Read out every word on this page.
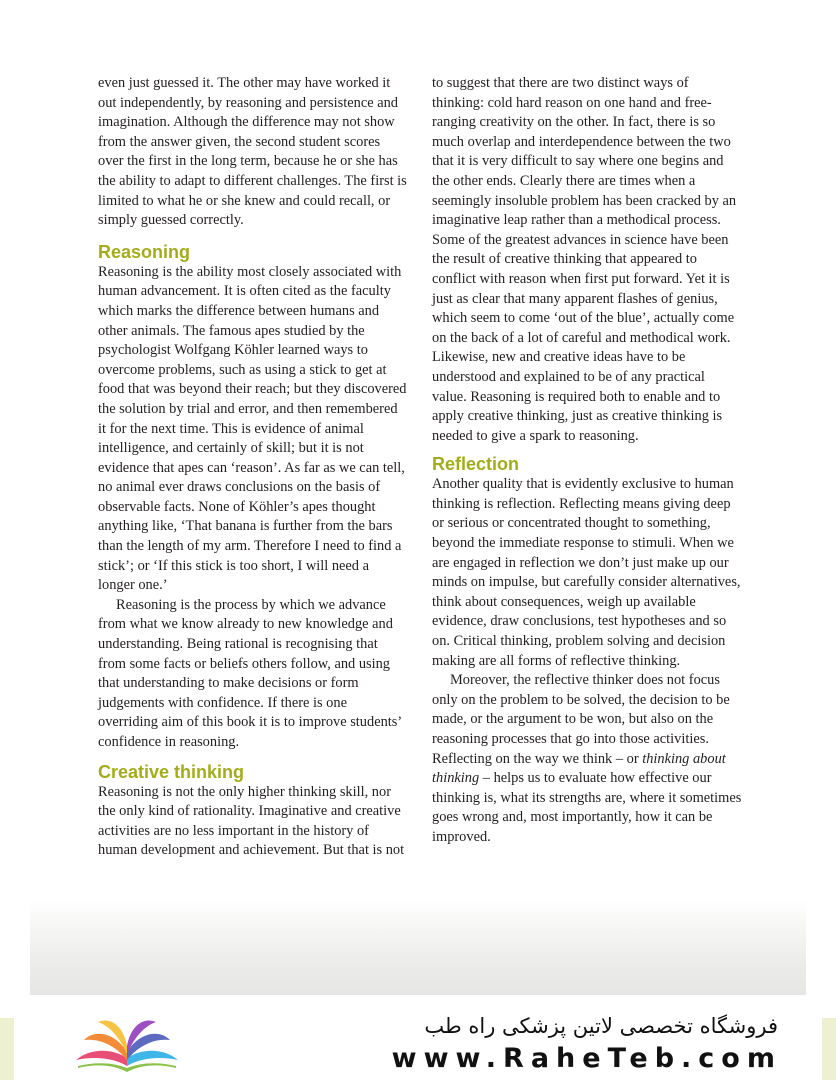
even just guessed it. The other may have worked it out independently, by reasoning and persistence and imagination. Although the difference may not show from the answer given, the second student scores over the first in the long term, because he or she has the ability to adapt to different challenges. The first is limited to what he or she knew and could recall, or simply guessed correctly.

Reasoning

Reasoning is the ability most closely associated with human advancement. It is often cited as the faculty which marks the difference between humans and other animals. The famous apes studied by the psychologist Wolfgang Köhler learned ways to overcome problems, such as using a stick to get at food that was beyond their reach; but they discovered the solution by trial and error, and then remembered it for the next time. This is evidence of animal intelligence, and certainly of skill; but it is not evidence that apes can ‘reason’. As far as we can tell, no animal ever draws conclusions on the basis of observable facts. None of Köhler’s apes thought anything like, ‘That banana is further from the bars than the length of my arm. Therefore I need to find a stick’; or ‘If this stick is too short, I will need a longer one.’

Reasoning is the process by which we advance from what we know already to new knowledge and understanding. Being rational is recognising that from some facts or beliefs others follow, and using that understanding to make decisions or form judgements with confidence. If there is one overriding aim of this book it is to improve students’ confidence in reasoning.

Creative thinking

Reasoning is not the only higher thinking skill, nor the only kind of rationality. Imaginative and creative activities are no less important in the history of human development and achievement. But that is not

to suggest that there are two distinct ways of thinking: cold hard reason on one hand and free-ranging creativity on the other. In fact, there is so much overlap and interdependence between the two that it is very difficult to say where one begins and the other ends. Clearly there are times when a seemingly insoluble problem has been cracked by an imaginative leap rather than a methodical process. Some of the greatest advances in science have been the result of creative thinking that appeared to conflict with reason when first put forward. Yet it is just as clear that many apparent flashes of genius, which seem to come ‘out of the blue’, actually come on the back of a lot of careful and methodical work. Likewise, new and creative ideas have to be understood and explained to be of any practical value. Reasoning is required both to enable and to apply creative thinking, just as creative thinking is needed to give a spark to reasoning.

Reflection

Another quality that is evidently exclusive to human thinking is reflection. Reflecting means giving deep or serious or concentrated thought to something, beyond the immediate response to stimuli. When we are engaged in reflection we don’t just make up our minds on impulse, but carefully consider alternatives, think about consequences, weigh up available evidence, draw conclusions, test hypotheses and so on. Critical thinking, problem solving and decision making are all forms of reflective thinking.

Moreover, the reflective thinker does not focus only on the problem to be solved, the decision to be made, or the argument to be won, but also on the reasoning processes that go into those activities. Reflecting on the way we think – or thinking about thinking – helps us to evaluate how effective our thinking is, what its strengths are, where it sometimes goes wrong and, most importantly, how it can be improved.

فروشگاه تخصصی لاتین پزشکی راه طب
www.RaheTeb.com
